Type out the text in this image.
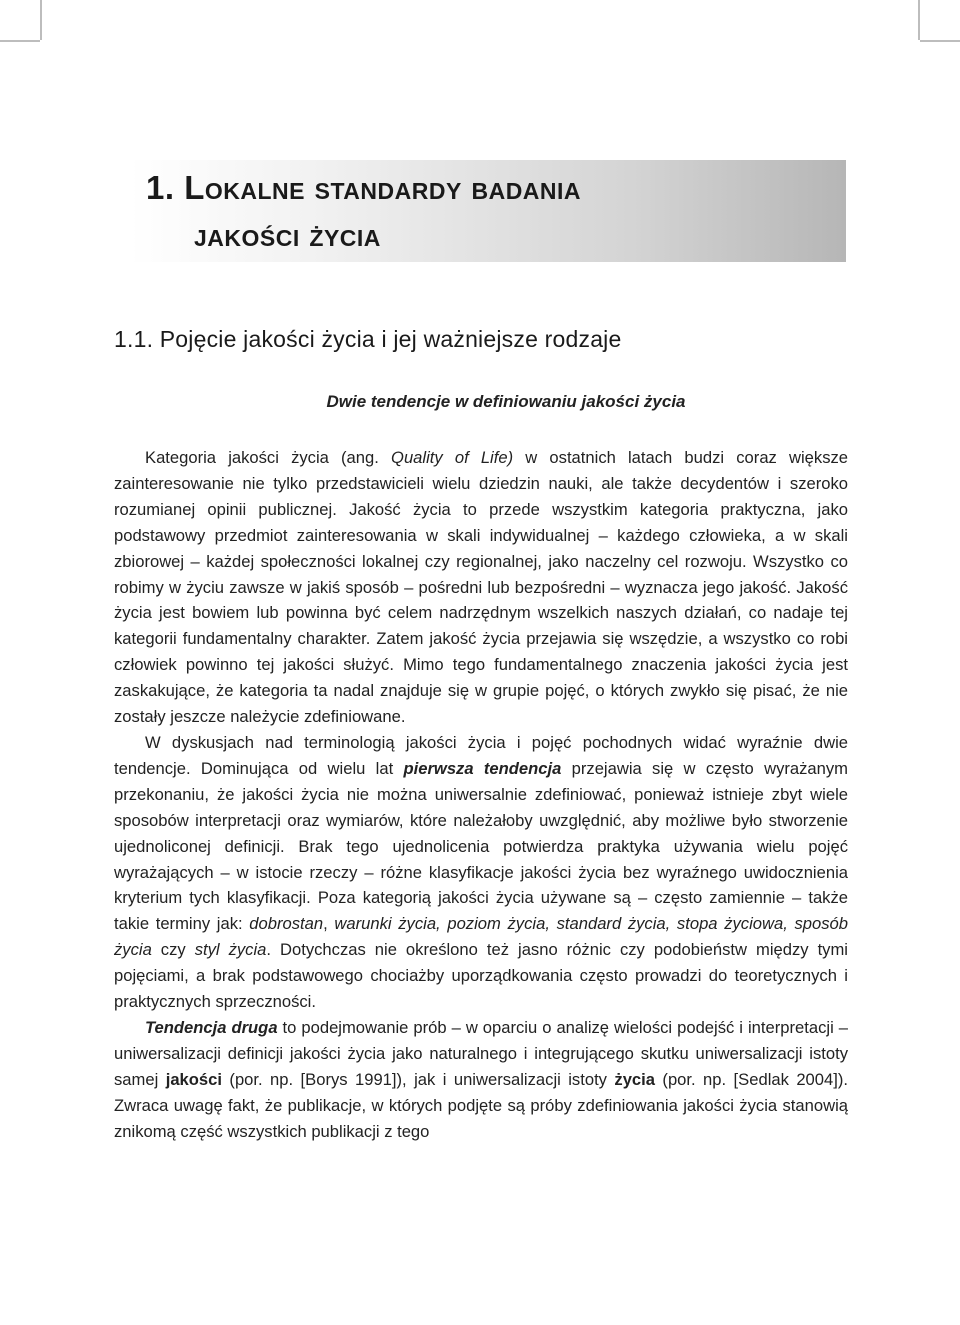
1. Lokalne standardy badania
jakości życia
1.1. Pojęcie jakości życia i jej ważniejsze rodzaje
Dwie tendencje w definiowaniu jakości życia

Kategoria jakości życia (ang. Quality of Life) w ostatnich latach budzi coraz większe zainteresowanie nie tylko przedstawicieli wielu dziedzin nauki, ale także decydentów i szeroko rozumianej opinii publicznej. Jakość życia to przede wszystkim kategoria praktyczna, jako podstawowy przedmiot zainteresowania w skali indywidualnej – każdego człowieka, a w skali zbiorowej – każdej społeczności lokalnej czy regionalnej, jako naczelny cel rozwoju. Wszystko co robimy w życiu zawsze w jakiś sposób – pośredni lub bezpośredni – wyznacza jego jakość. Jakość życia jest bowiem lub powinna być celem nadrzędnym wszelkich naszych działań, co nadaje tej kategorii fundamentalny charakter. Zatem jakość życia przejawia się wszędzie, a wszystko co robi człowiek powinno tej jakości służyć. Mimo tego fundamentalnego znaczenia jakości życia jest zaskakujące, że kategoria ta nadal znajduje się w grupie pojęć, o których zwykło się pisać, że nie zostały jeszcze należycie zdefiniowane.

W dyskusjach nad terminologią jakości życia i pojęć pochodnych widać wyraźnie dwie tendencje. Dominująca od wielu lat pierwsza tendencja przejawia się w często wyrażanym przekonaniu, że jakości życia nie można uniwersalnie zdefiniować, ponieważ istnieje zbyt wiele sposobów interpretacji oraz wymiarów, które należałoby uwzględnić, aby możliwe było stworzenie ujednoliconej definicji. Brak tego ujednolicenia potwierdza praktyka używania wielu pojęć wyrażających – w istocie rzeczy – różne klasyfikacje jakości życia bez wyraźnego uwidocznienia kryterium tych klasyfikacji. Poza kategorią jakości życia używane są – często zamiennie – także takie terminy jak: dobrostan, warunki życia, poziom życia, standard życia, stopa życiowa, sposób życia czy styl życia. Dotychczas nie określono też jasno różnic czy podobieństw między tymi pojęciami, a brak podstawowego chociażby uporządkowania często prowadzi do teoretycznych i praktycznych sprzeczności.

Tendencja druga to podejmowanie prób – w oparciu o analizę wielości podejść i interpretacji – uniwersalizacji definicji jakości życia jako naturalnego i integrującego skutku uniwersalizacji istoty samej jakości (por. np. [Borys 1991]), jak i uniwersalizacji istoty życia (por. np. [Sedlak 2004]). Zwraca uwagę fakt, że publikacje, w których podjęte są próby zdefiniowania jakości życia stanowią znikomą część wszystkich publikacji z tego
